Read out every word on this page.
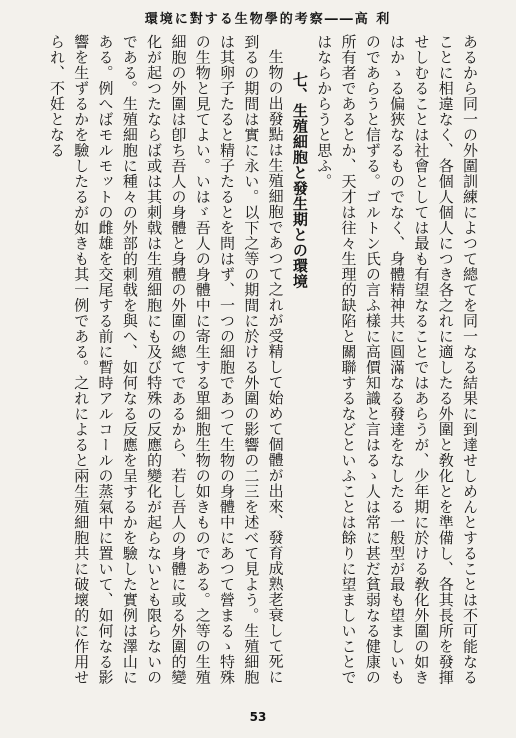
環境に對する生物學的考察――高 利

あるから同一の外圍訓練によつて總てを同一なる結果に到達せしめんとすることは不可能なることに相違なく、各個人個人につき各之れに適したる外圍と敎化とを準備し、各其長所を發揮せしむることは社會としては最も有望なることではあらうが、少年期に於ける敎化外圍の如きはかゝる偏狹なるものでなく、身體精神共に圓滿なる發達をなしたる一般型が最も望ましいものであらうと信ずる。ゴルトン氏の言ふ樣に高價知識と言はるゝ人は常に甚だ貧弱なる健康の所有者であるとか、天才は往々生理的缺陷と關聯するなどといふことは餘りに望ましいことではならからうと思ふ。

七、生殖細胞と發生期との環境

生物の出發點は生殖細胞であつて之れが受精して始めて個體が出來、發育成熟老衰して死に到るの期間は實に永い。以下之等の期間に於ける外圍の影響の二三を述べて見よう。生殖細胞は其卵子たると精子たるとを問はず、一つの細胞であつて生物の身體中にあつて營まるゝ特殊の生物と見てよい。いはゞ吾人の身體中に寄生する單細胞生物の如きものである。之等の生殖細胞の外圍は卽ち吾人の身體と身體の外圍の總てであるから、若し吾人の身體に或る外圍的變化が起つたならば或は其刺戟は生殖細胞にも及び特殊の反應的變化が起らないとも限らないのである。生殖細胞に種々の外部的刺戟を與へ、如何なる反應を呈するかを驗した實例は澤山にある。例へばモルモットの雌雄を交尾する前に暫時アルコールの蒸氣中に置いて、如何なる影響を生ずるかを驗したるが如きも其一例である。之れによると兩生殖細胞共に破壞的に作用せられ、不妊となる

53
